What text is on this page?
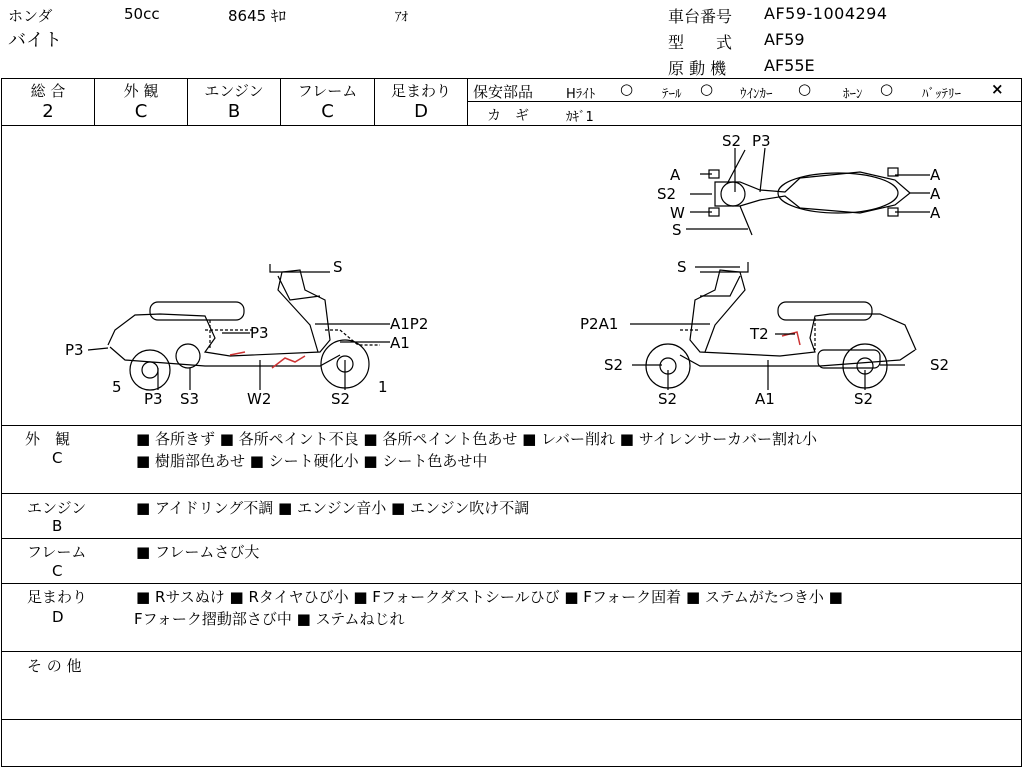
ホンダ	50cc	8645 ｷﾛ	ｱｵ
バイト
車台番号 AF59-1004294
型　　式 AF59
原 動 機 AF55E
総 合
2
外 観
C
エンジン
B
フレーム
C
足まわり
D
保安部品	Hﾗｲﾄ ○ ﾃｰﾙ ○ ｳｲﾝｶｰ ○ ﾎｰﾝ ○ ﾊﾞｯﾃﾘｰ ×
カ　ギ	ｶｷﾞ1
S2 P3
A
S2
W
S
A
A
A
S
P3	A1P2
P3	A1
5	1
P3 S3	W2	S2
S
P2A1
T2
S2
S2
S2
A1	S2
外　観
C
■ 各所きず ■ 各所ペイント不良 ■ 各所ペイント色あせ ■ レバー削れ ■ サイレンサーカバー割れ小
■ 樹脂部色あせ ■ シート硬化小 ■ シート色あせ中
エンジン
B
■ アイドリング不調 ■ エンジン音小 ■ エンジン吹け不調
フレーム
C
■ フレームさび大
足まわり
D
■ Rサスぬけ ■ Rタイヤひび小 ■ Fフォークダストシールひび ■ Fフォーク固着 ■ ステムがたつき小 ■
Fフォーク摺動部さび中 ■ ステムねじれ
そ の 他
